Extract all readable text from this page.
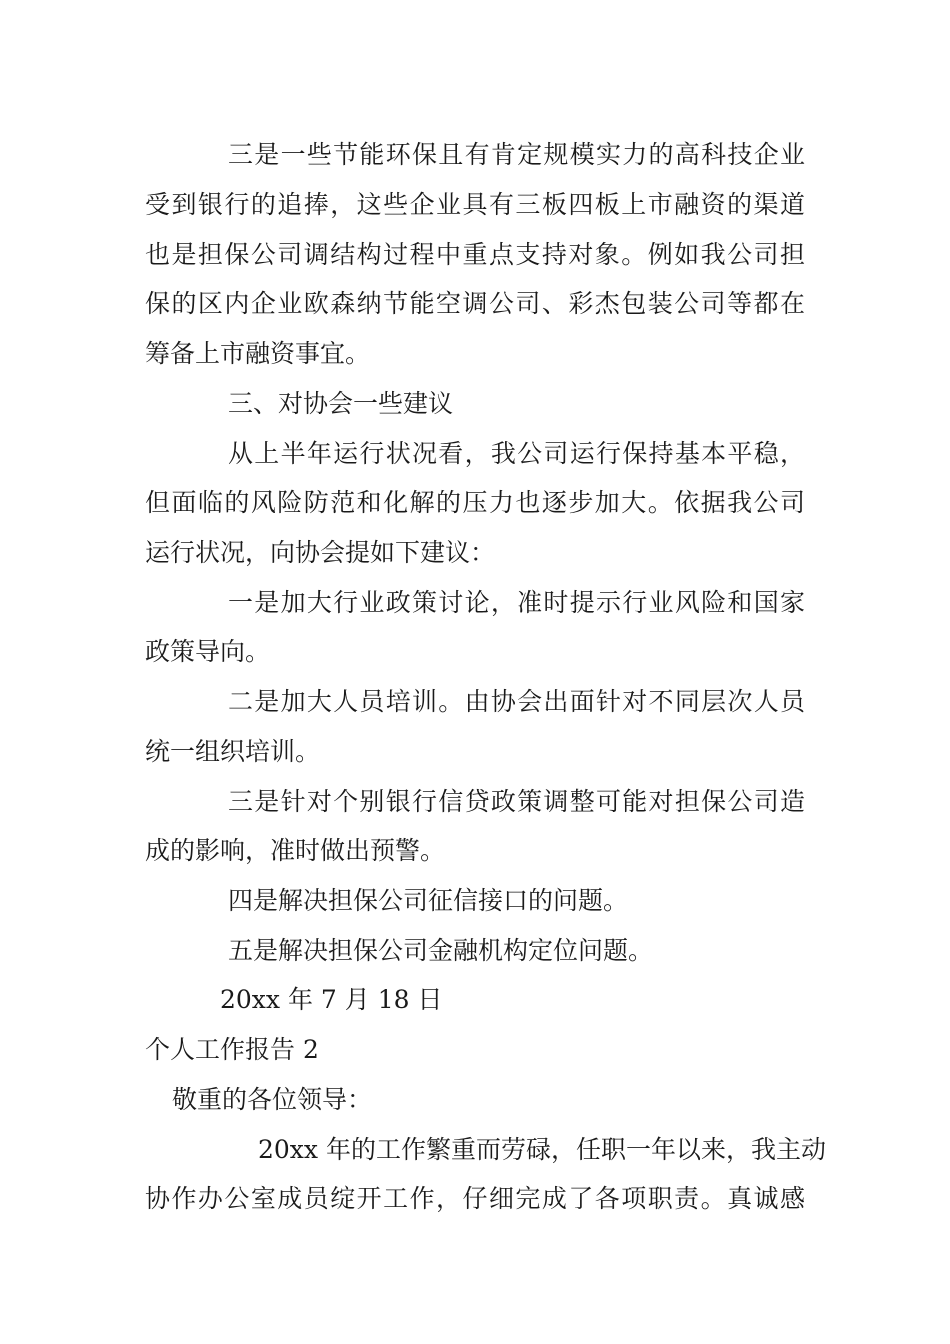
三是一些节能环保且有肯定规模实力的高科技企业
受到银行的追捧，这些企业具有三板四板上市融资的渠道
也是担保公司调结构过程中重点支持对象。例如我公司担
保的区内企业欧森纳节能空调公司、彩杰包装公司等都在
筹备上市融资事宜。
三、对协会一些建议
从上半年运行状况看，我公司运行保持基本平稳，
但面临的风险防范和化解的压力也逐步加大。依据我公司
运行状况，向协会提如下建议：
一是加大行业政策讨论，准时提示行业风险和国家
政策导向。
二是加大人员培训。由协会出面针对不同层次人员
统一组织培训。
三是针对个别银行信贷政策调整可能对担保公司造
成的影响，准时做出预警。
四是解决担保公司征信接口的问题。
五是解决担保公司金融机构定位问题。
20xx 年 7 月 18 日
个人工作报告 2
敬重的各位领导：
20xx 年的工作繁重而劳碌，任职一年以来，我主动
协作办公室成员绽开工作，仔细完成了各项职责。真诚感
